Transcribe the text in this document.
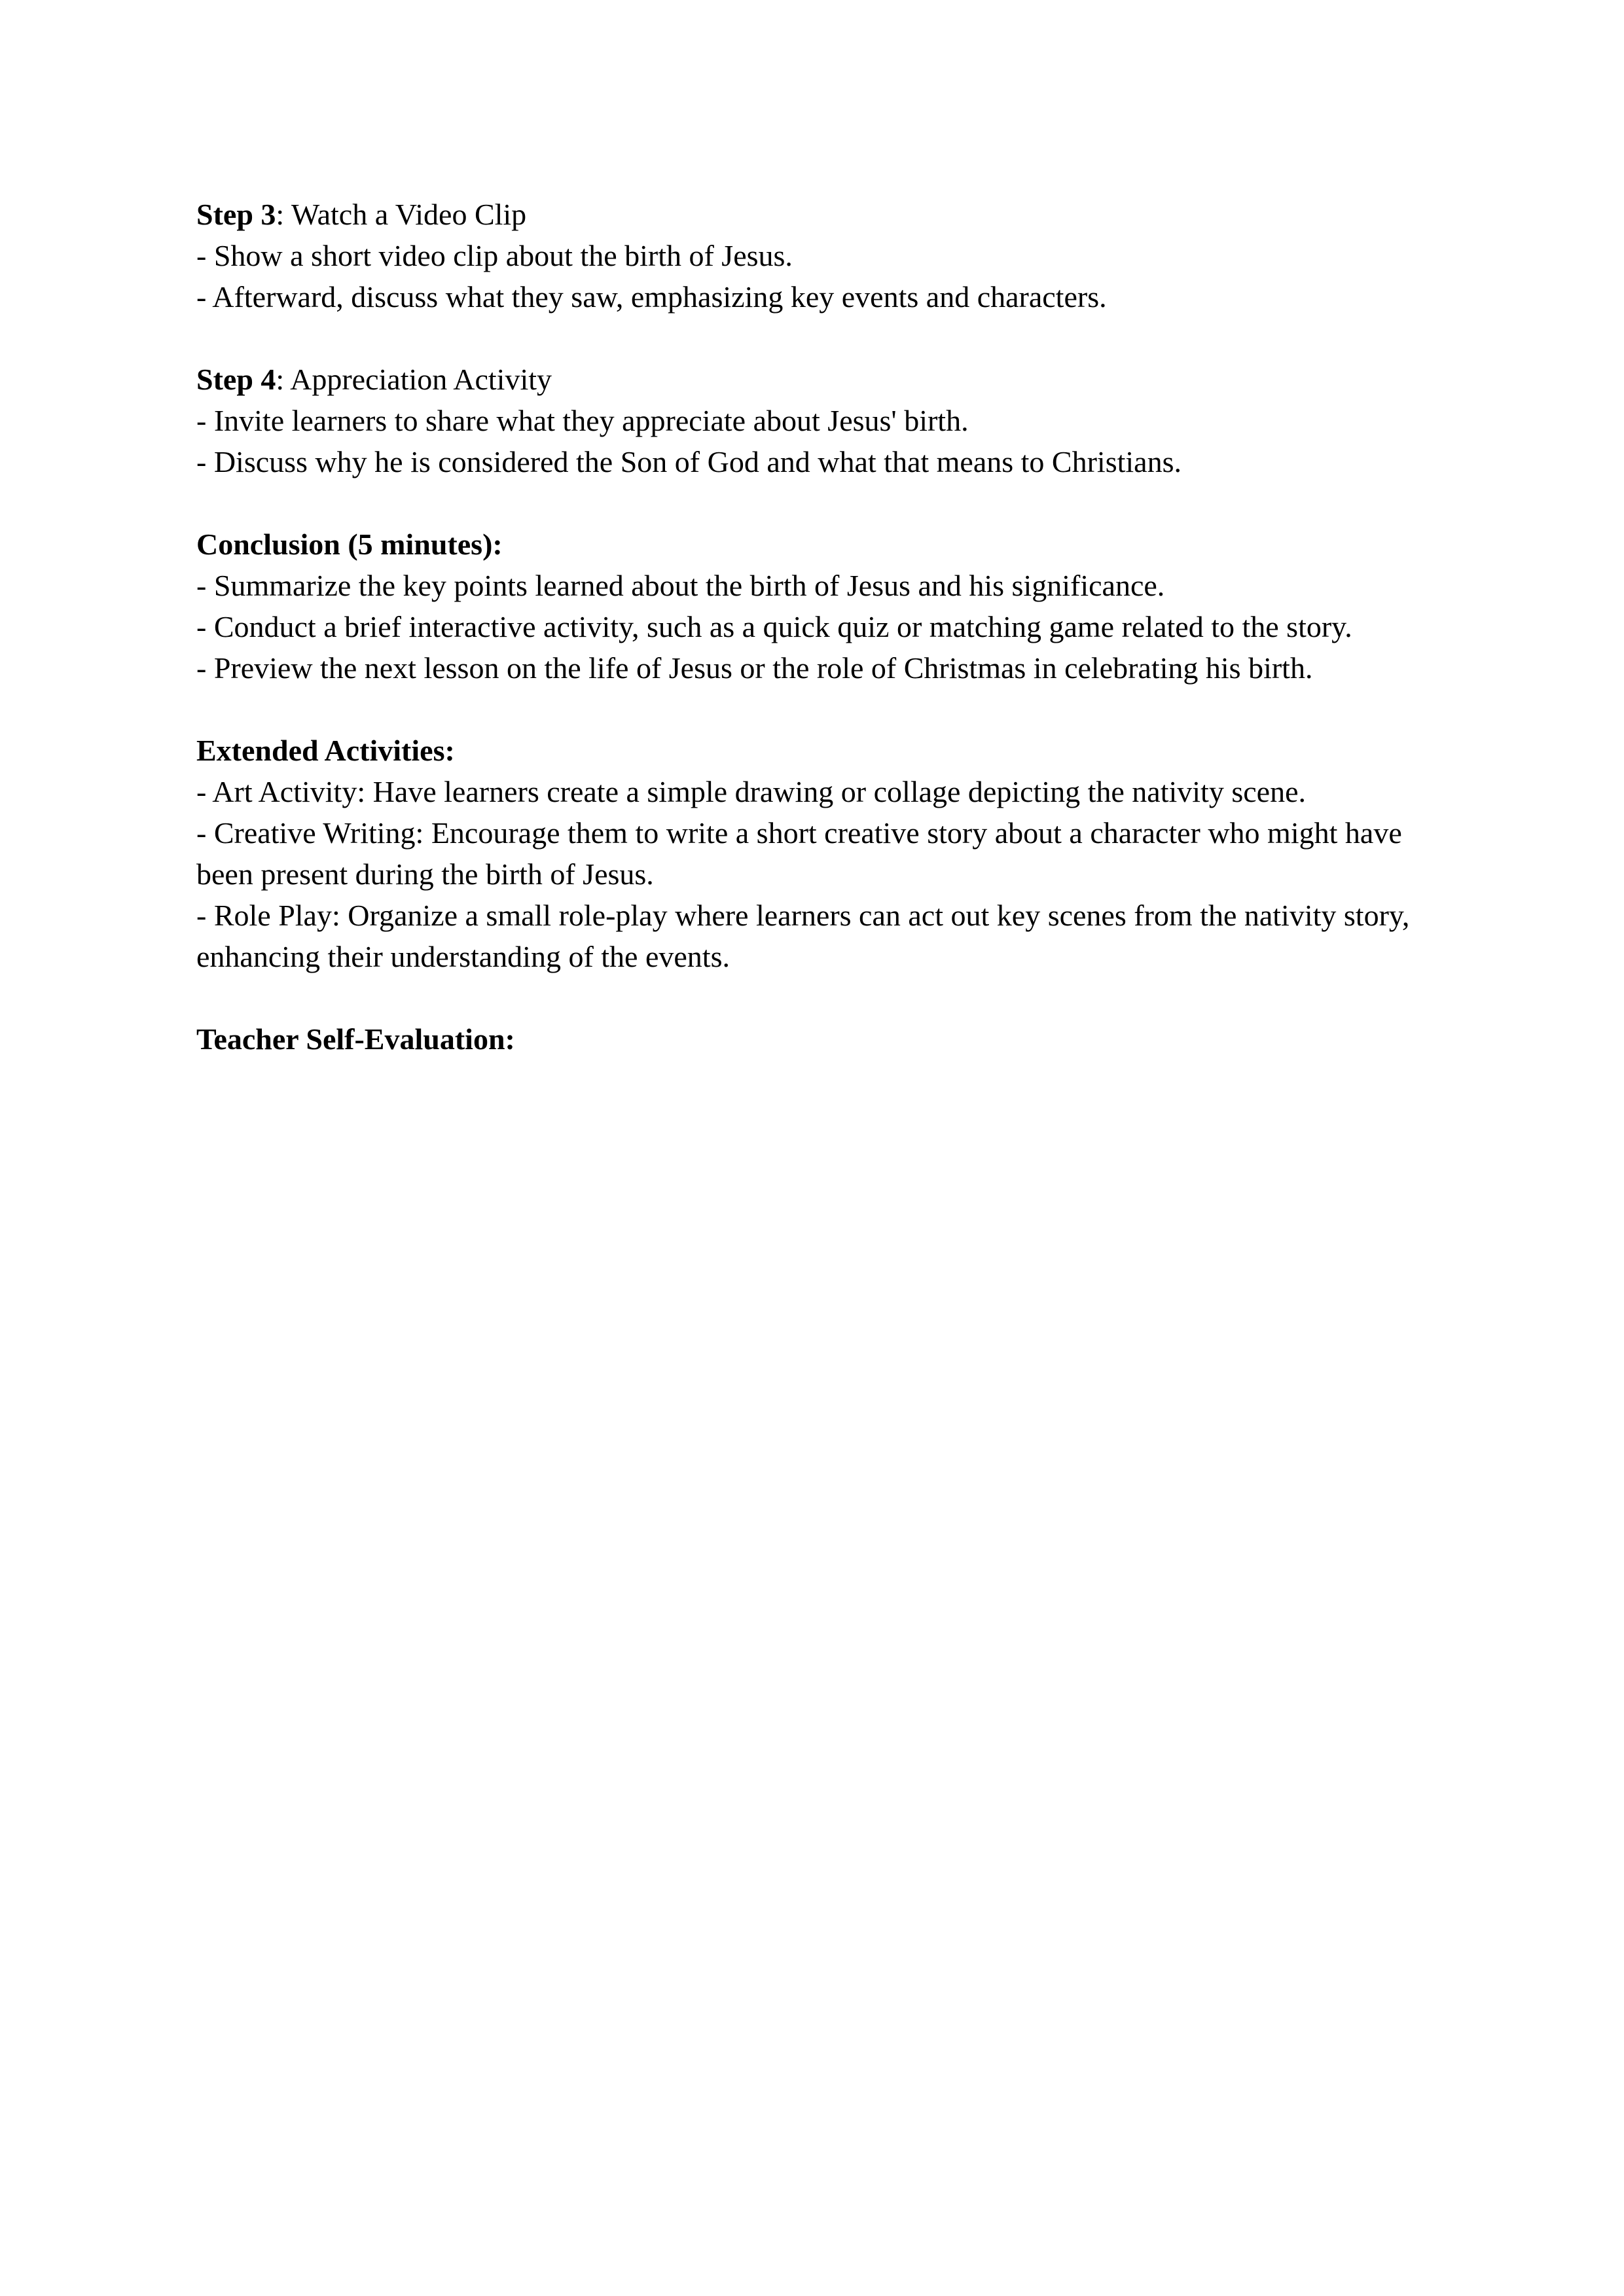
Step 3: Watch a Video Clip
- Show a short video clip about the birth of Jesus.
- Afterward, discuss what they saw, emphasizing key events and characters.
Step 4: Appreciation Activity
- Invite learners to share what they appreciate about Jesus' birth.
- Discuss why he is considered the Son of God and what that means to Christians.
Conclusion (5 minutes):
- Summarize the key points learned about the birth of Jesus and his significance.
- Conduct a brief interactive activity, such as a quick quiz or matching game related to the story.
- Preview the next lesson on the life of Jesus or the role of Christmas in celebrating his birth.
Extended Activities:
- Art Activity: Have learners create a simple drawing or collage depicting the nativity scene.
- Creative Writing: Encourage them to write a short creative story about a character who might have been present during the birth of Jesus.
- Role Play: Organize a small role-play where learners can act out key scenes from the nativity story, enhancing their understanding of the events.
Teacher Self-Evaluation:
